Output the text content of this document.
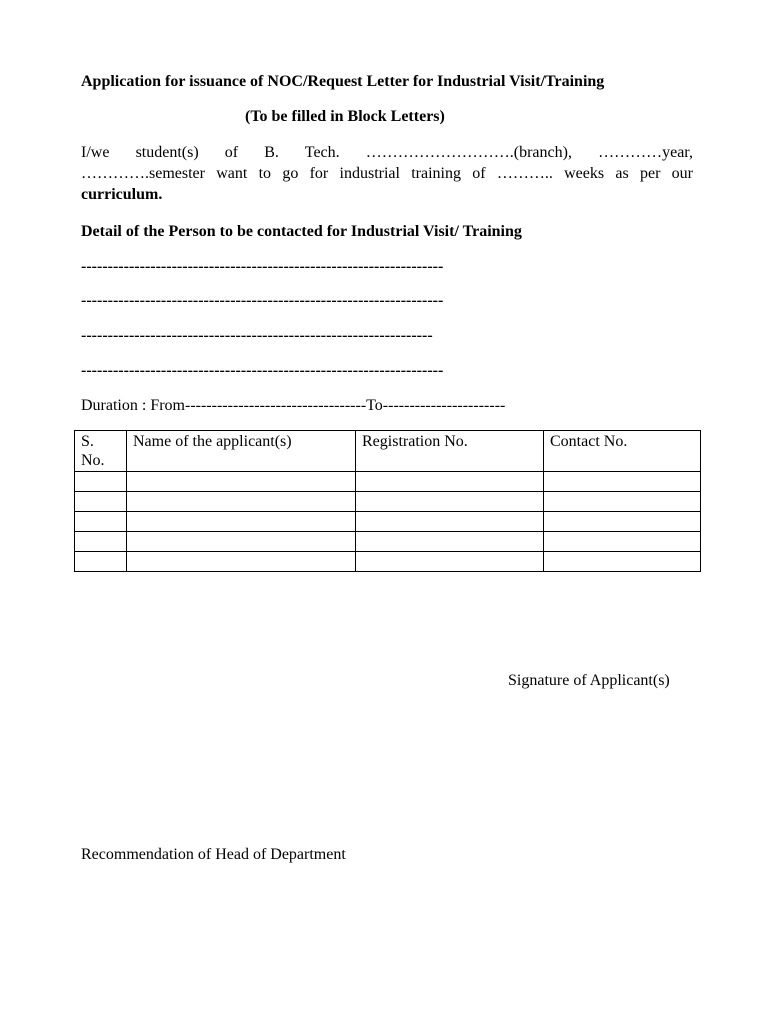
Application for issuance of NOC/Request Letter for Industrial Visit/Training
(To be filled in Block Letters)
I/we student(s) of B. Tech. ……………………….(branch), …………year,
………….semester want to go for industrial training of ……….. weeks as per our
curriculum.
Detail of the Person to be contacted for Industrial Visit/ Training
--------------------------------------------------------------------
--------------------------------------------------------------------
------------------------------------------------------------------
--------------------------------------------------------------------
Duration : From----------------------------------To-----------------------
S. No.	Name of the applicant(s)	Registration No.	Contact No.

Signature of Applicant(s)
Recommendation of Head of Department
